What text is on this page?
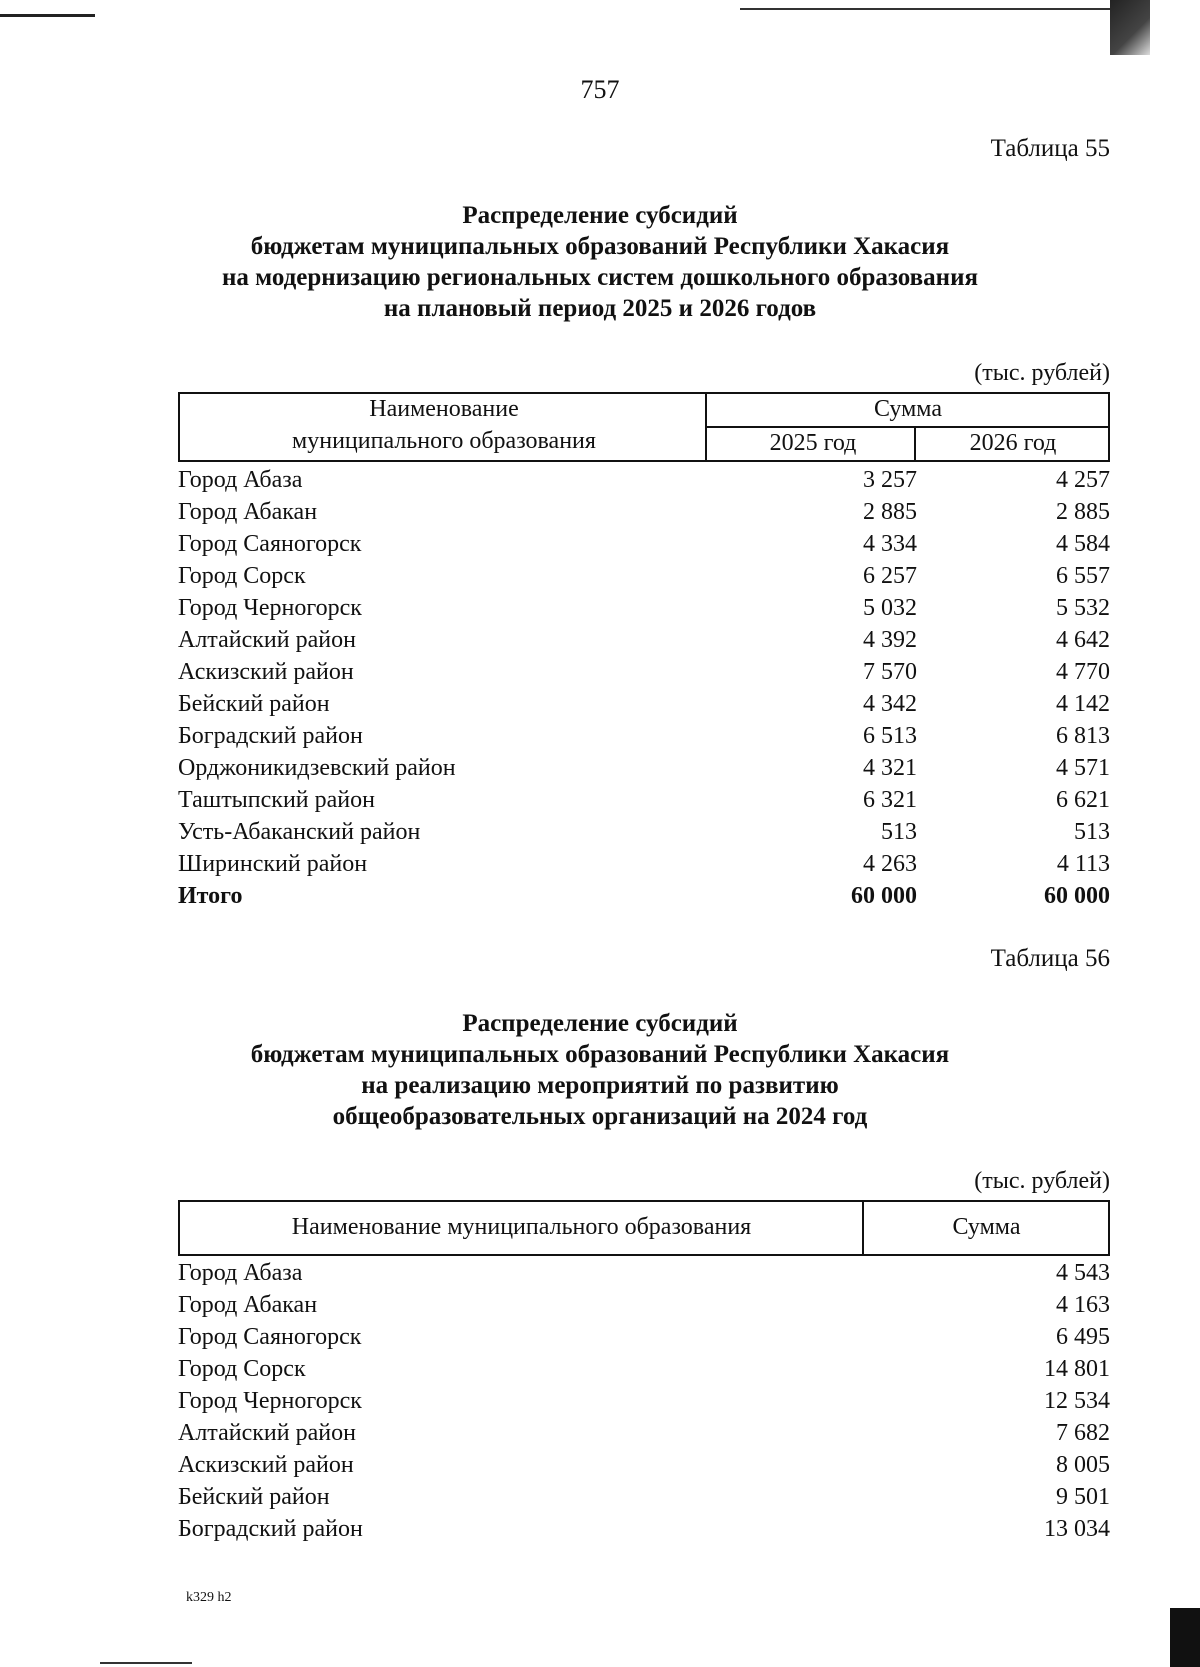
757
Таблица 55
Распределение субсидий
бюджетам муниципальных образований Республики Хакасия
на модернизацию региональных систем дошкольного образования
на плановый период 2025 и 2026 годов
(тыс. рублей)
Наименование
муниципального образования
Сумма
2025 год	2026 год
Город Абаза	3 257	4 257
Город Абакан	2 885	2 885
Город Саяногорск	4 334	4 584
Город Сорск	6 257	6 557
Город Черногорск	5 032	5 532
Алтайский район	4 392	4 642
Аскизский район	7 570	4 770
Бейский район	4 342	4 142
Боградский район	6 513	6 813
Орджоникидзевский район	4 321	4 571
Таштыпский район	6 321	6 621
Усть-Абаканский район	513	513
Ширинский район	4 263	4 113
Итого	60 000	60 000
Таблица 56
Распределение субсидий
бюджетам муниципальных образований Республики Хакасия
на реализацию мероприятий по развитию
общеобразовательных организаций на 2024 год
(тыс. рублей)
Наименование муниципального образования	Сумма
Город Абаза	4 543
Город Абакан	4 163
Город Саяногорск	6 495
Город Сорск	14 801
Город Черногорск	12 534
Алтайский район	7 682
Аскизский район	8 005
Бейский район	9 501
Боградский район	13 034
k329 h2
